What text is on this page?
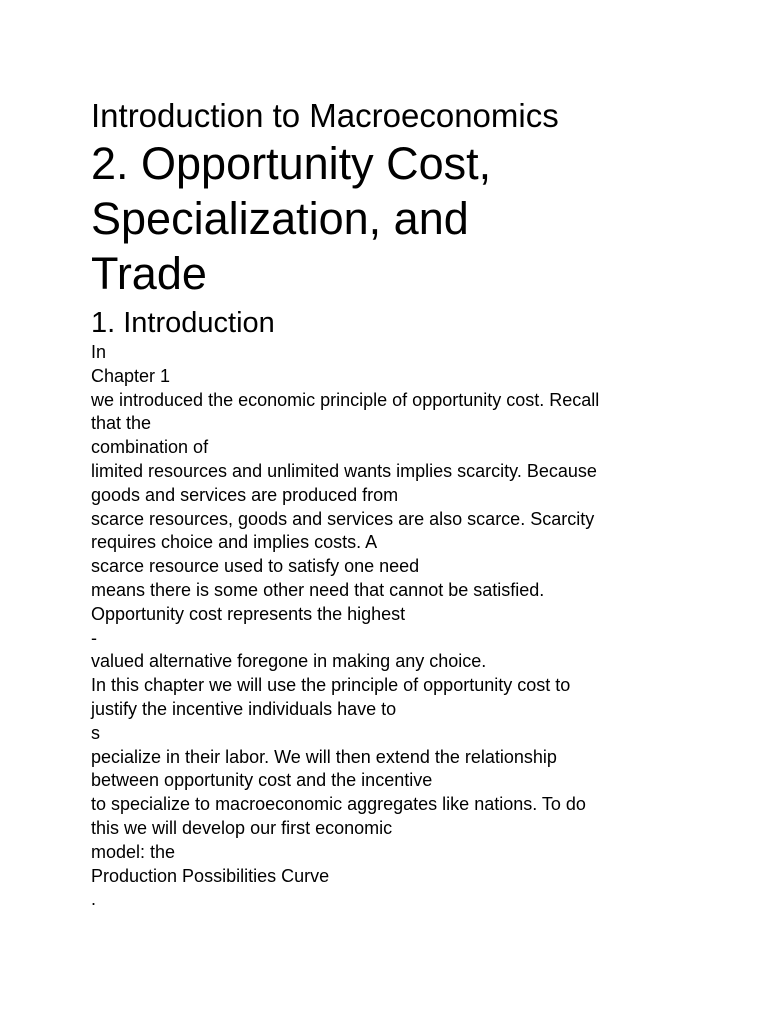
Introduction to Macroeconomics
2. Opportunity Cost, Specialization, and Trade
1. Introduction
In
Chapter 1
we introduced the economic principle of opportunity cost. Recall
that the
combination of
limited resources and unlimited wants implies scarcity. Because
goods and services are produced from
scarce resources, goods and services are also scarce. Scarcity
requires choice and implies costs. A
scarce resource used to satisfy one need
means there is some other need that cannot be satisfied.
Opportunity cost represents the highest
-
valued alternative foregone in making any choice.
In this chapter we will use the principle of opportunity cost to
justify the incentive individuals have to
s
pecialize in their labor. We will then extend the relationship
between opportunity cost and the incentive
to specialize to macroeconomic aggregates like nations. To do
this we will develop our first economic
model: the
Production Possibilities Curve
.
